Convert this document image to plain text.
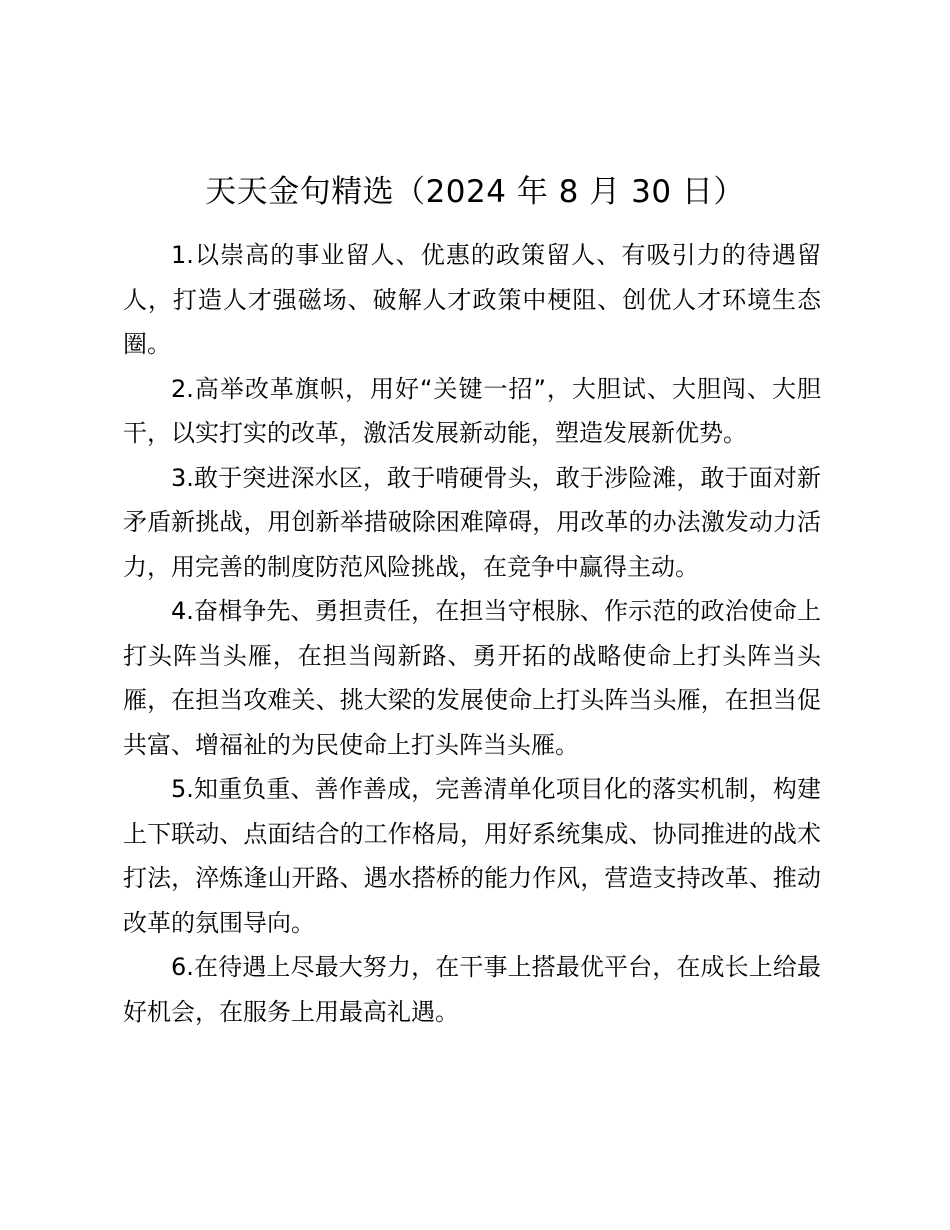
天天金句精选（2024 年 8 月 30 日）

1.以崇高的事业留人、优惠的政策留人、有吸引力的待遇留人，打造人才强磁场、破解人才政策中梗阻、创优人才环境生态圈。

2.高举改革旗帜，用好“关键一招”，大胆试、大胆闯、大胆干，以实打实的改革，激活发展新动能，塑造发展新优势。

3.敢于突进深水区，敢于啃硬骨头，敢于涉险滩，敢于面对新矛盾新挑战，用创新举措破除困难障碍，用改革的办法激发动力活力，用完善的制度防范风险挑战，在竞争中赢得主动。

4.奋楫争先、勇担责任，在担当守根脉、作示范的政治使命上打头阵当头雁，在担当闯新路、勇开拓的战略使命上打头阵当头雁，在担当攻难关、挑大梁的发展使命上打头阵当头雁，在担当促共富、增福祉的为民使命上打头阵当头雁。

5.知重负重、善作善成，完善清单化项目化的落实机制，构建上下联动、点面结合的工作格局，用好系统集成、协同推进的战术打法，淬炼逢山开路、遇水搭桥的能力作风，营造支持改革、推动改革的氛围导向。

6.在待遇上尽最大努力，在干事上搭最优平台，在成长上给最好机会，在服务上用最高礼遇。
